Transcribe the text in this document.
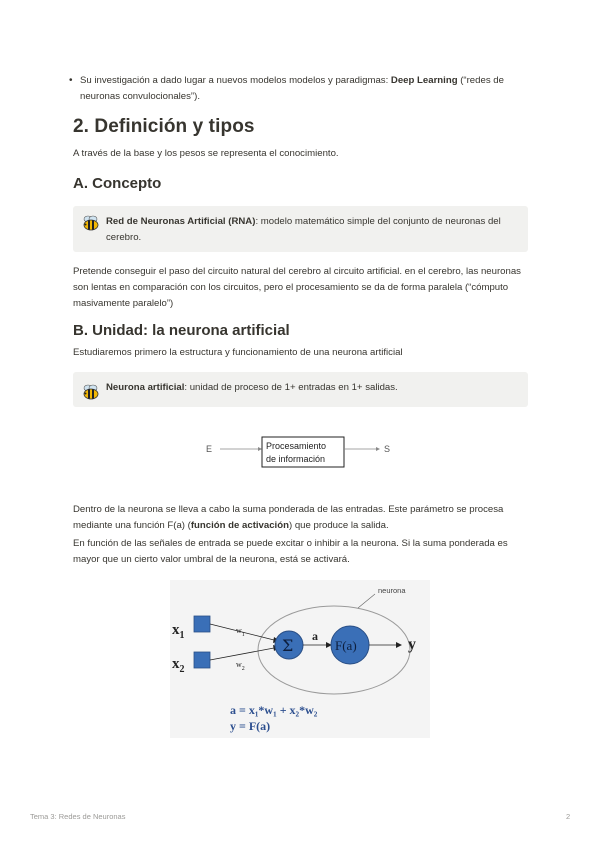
• Su investigación a dado lugar a nuevos modelos modelos y paradigmas: Deep Learning (“redes de neuronas convulocionales”).
2. Definición y tipos

A través de la base y los pesos se representa el conocimiento.

A. Concepto
Red de Neuronas Artificial (RNA): modelo matemático simple del conjunto de neuronas del cerebro.

Pretende conseguir el paso del circuito natural del cerebro al circuito artificial. en el cerebro, las neuronas son lentas en comparación con los circuitos, pero el procesamiento se da de forma paralela (“cómputo masivamente paralelo”)

B. Unidad: la neurona artificial

Estudiaremos primero la estructura y funcionamiento de una neurona artificial

Neurona artificial: unidad de proceso de 1+ entradas en 1+ salidas.
E	Procesamiento
de información
S

Dentro de la neurona se lleva a cabo la suma ponderada de las entradas. Este parámetro se procesa mediante una función F(a) (función de activación) que produce la salida.

En función de las señales de entrada se puede excitar o inhibir a la neurona. Si la suma ponderada es mayor que un cierto valor umbral de la neurona, está se activará.

neurona
$x_1$
$x_2$
$w_1$
$w_2$
Σ a
F(a)	y
a = x₁*w₁ + x₂*w₂
y = F(a)
Tema 3: Redes de Neuronas	2
